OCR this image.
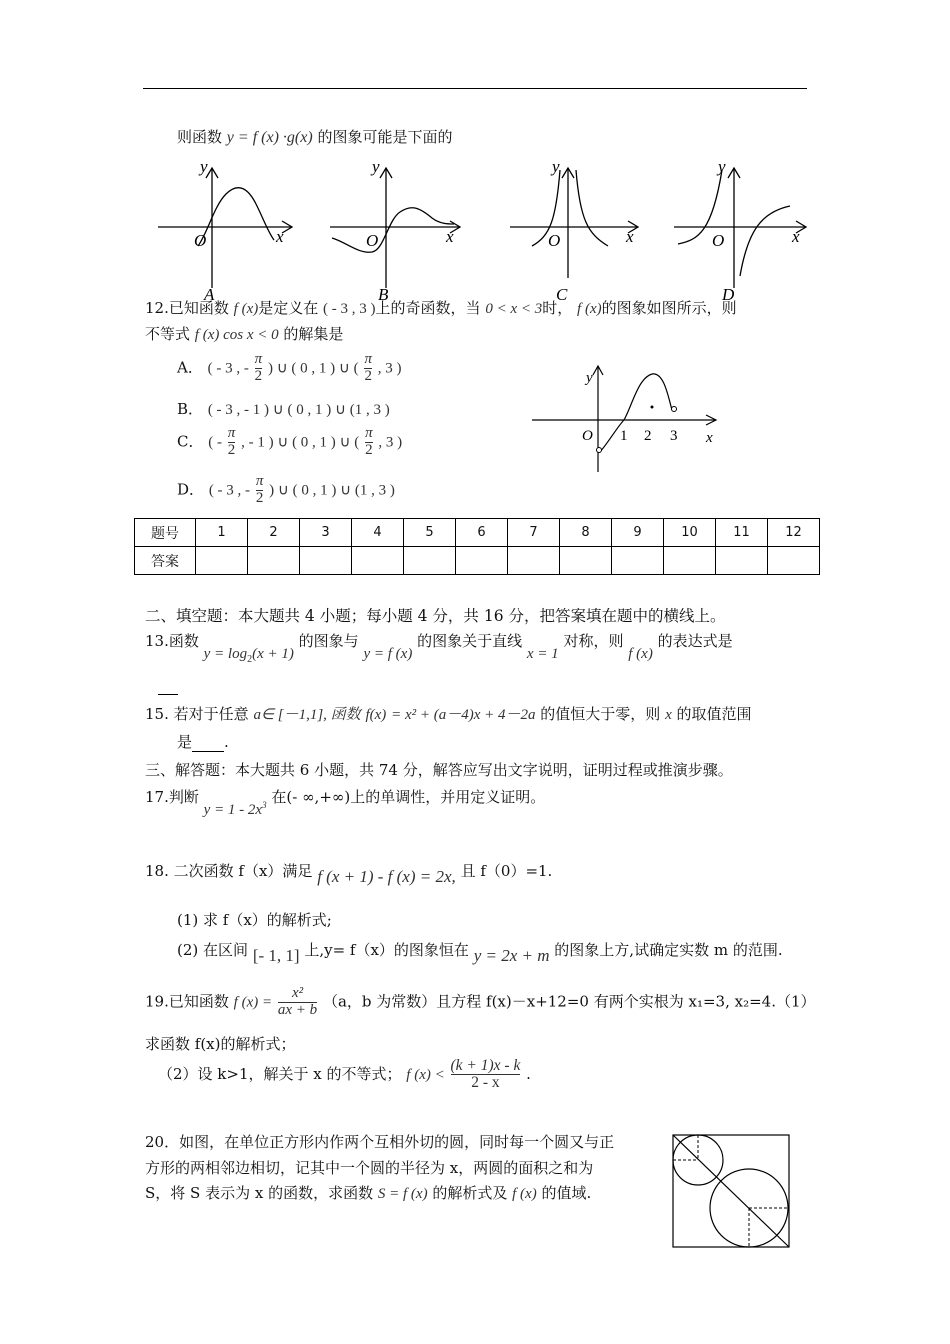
则函数 y = f (x) ·g(x) 的图象可能是下面的
y
O	x
A
y
O	x
B
y
O	x
C
y
O	x
D
12.已知函数 f (x)是定义在 ( - 3 , 3 )上的奇函数，当 0 < x < 3时， f (x)的图象如图所示，则
不等式 f (x) cos x < 0 的解集是
A． ( - 3 , - $\frac{\pi}{2}$ ) ∪ ( 0 , 1 ) ∪ ( $\frac{\pi}{2}$ , 3 )
B． ( - 3 , - 1 ) ∪ ( 0 , 1 ) ∪ (1 , 3 )
C． ( - $\frac{\pi}{2}$ , - 1 ) ∪ ( 0 , 1 ) ∪ ( $\frac{\pi}{2}$ , 3 )
D． ( - 3 , - $\frac{\pi}{2}$ ) ∪ ( 0 , 1 ) ∪ (1 , 3 )
y
O 1 2 3 x
题号	1	2	3	4	5	6	7	8	9	10	11	12
答案												
二、填空题：本大题共 4 小题；每小题 4 分，共 16 分，把答案填在题中的横线上。
13.函数 $y = \log_2(x + 1)$ 的图象与 y = f (x) 的图象关于直线 x = 1 对称，则 f (x) 的表达式是
15. 若对于任意 a∈ [－1,1], 函数 f(x) = x² + (a－4)x + 4－2a 的值恒大于零，则 x 的取值范围
是 .
三、解答题：本大题共 6 小题，共 74 分，解答应写出文字说明，证明过程或推演步骤。
17.判断 $y = 1 - 2x^3$ 在(- ∞,+∞)上的单调性，并用定义证明。
18. 二次函数 f（x）满足 f (x + 1) - f (x) = 2x, 且 f（0）=1.
(1) 求 f（x）的解析式;
(2) 在区间 [- 1, 1] 上,y= f（x）的图象恒在 y = 2x + m 的图象上方,试确定实数 m 的范围.
19.已知函数 f $(x) = \frac{\text{x²}}{ax + b} (a$，b 为常数）且方程 f(x)－x+12=0 有两个实根为 x₁=3, x₂=4.（1）
求函数 f(x)的解析式；
（2）设 k>1，解关于 x 的不等式； f $(x) < \frac{(k + 1)x - k}{2 - x}$ .
20．如图，在单位正方形内作两个互相外切的圆，同时每一个圆又与正
方形的两相邻边相切，记其中一个圆的半径为 x，两圆的面积之和为
S，将 S 表示为 x 的函数，求函数 S = f (x) 的解析式及 f (x) 的值域.
